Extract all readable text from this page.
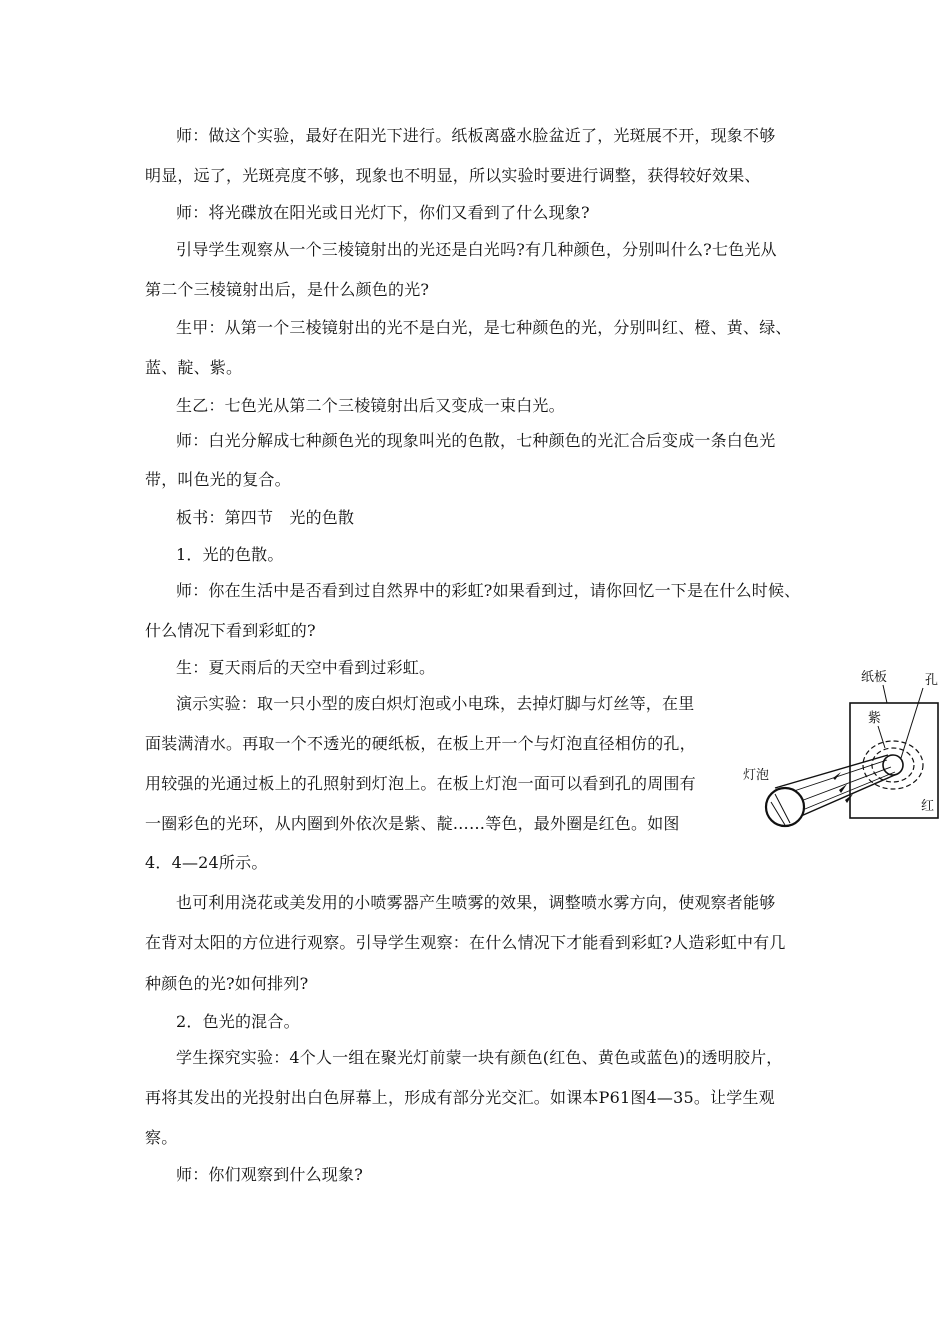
师：做这个实验，最好在阳光下进行。纸板离盛水脸盆近了，光斑展不开，现象不够
明显，远了，光斑亮度不够，现象也不明显，所以实验时要进行调整，获得较好效果、
师：将光碟放在阳光或日光灯下，你们又看到了什么现象?
引导学生观察从一个三棱镜射出的光还是白光吗?有几种颜色，分别叫什么?七色光从
第二个三棱镜射出后，是什么颜色的光?
生甲：从第一个三棱镜射出的光不是白光，是七种颜色的光，分别叫红、橙、黄、绿、
蓝、靛、紫。
生乙：七色光从第二个三棱镜射出后又变成一束白光。
师：白光分解成七种颜色光的现象叫光的色散，七种颜色的光汇合后变成一条白色光
带，叫色光的复合。
板书：第四节　光的色散
1．光的色散。
师：你在生活中是否看到过自然界中的彩虹?如果看到过，请你回忆一下是在什么时候、
什么情况下看到彩虹的?
生：夏天雨后的天空中看到过彩虹。
演示实验：取一只小型的废白炽灯泡或小电珠，去掉灯脚与灯丝等，在里
面装满清水。再取一个不透光的硬纸板，在板上开一个与灯泡直径相仿的孔，
用较强的光通过板上的孔照射到灯泡上。在板上灯泡一面可以看到孔的周围有
一圈彩色的光环，从内圈到外依次是紫、靛……等色，最外圈是红色。如图
4．4—24所示。
也可利用浇花或美发用的小喷雾器产生喷雾的效果，调整喷水雾方向，使观察者能够
在背对太阳的方位进行观察。引导学生观察：在什么情况下才能看到彩虹?人造彩虹中有几
种颜色的光?如何排列?
2．色光的混合。
学生探究实验：4个人一组在聚光灯前蒙一块有颜色(红色、黄色或蓝色)的透明胶片，
再将其发出的光投射出白色屏幕上，形成有部分光交汇。如课本P61图4—35。让学生观
察。
师：你们观察到什么现象?
纸板	孔
紫
灯泡
红
